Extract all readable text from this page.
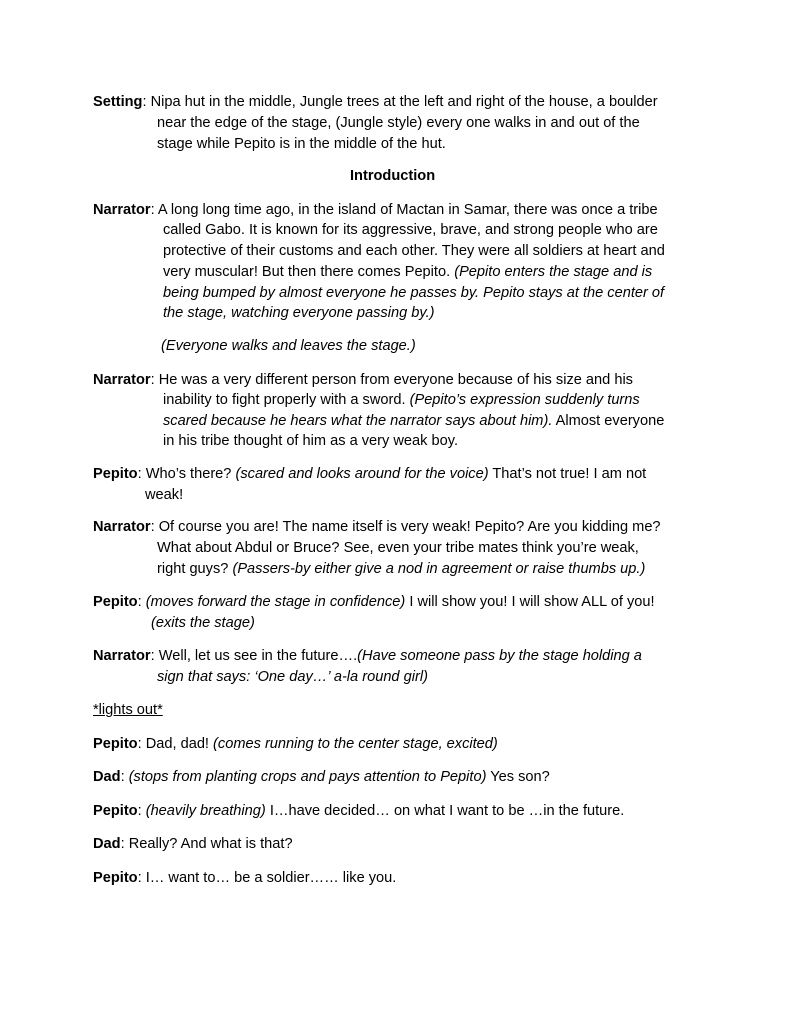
Setting: Nipa hut in the middle, Jungle trees at the left and right of the house, a boulder
near the edge of the stage, (Jungle style) every one walks in and out of the
stage while Pepito is in the middle of the hut.
Introduction
Narrator: A long long time ago, in the island of Mactan in Samar, there was once a tribe
called Gabo. It is known for its aggressive, brave, and strong people who are
protective of their customs and each other. They were all soldiers at heart and
very muscular! But then there comes Pepito. (Pepito enters the stage and is
being bumped by almost everyone he passes by. Pepito stays at the center of
the stage, watching everyone passing by.)
(Everyone walks and leaves the stage.)
Narrator: He was a very different person from everyone because of his size and his
inability to fight properly with a sword. (Pepito’s expression suddenly turns
scared because he hears what the narrator says about him). Almost everyone
in his tribe thought of him as a very weak boy.
Pepito: Who’s there? (scared and looks around for the voice) That’s not true! I am not
weak!
Narrator: Of course you are! The name itself is very weak! Pepito? Are you kidding me?
What about Abdul or Bruce? See, even your tribe mates think you’re weak,
right guys? (Passers-by either give a nod in agreement or raise thumbs up.)
Pepito: (moves forward the stage in confidence) I will show you! I will show ALL of you!
(exits the stage)
Narrator: Well, let us see in the future….(Have someone pass by the stage holding a
sign that says: ‘One day…’ a-la round girl)
*lights out*
Pepito: Dad, dad! (comes running to the center stage, excited)
Dad: (stops from planting crops and pays attention to Pepito) Yes son?
Pepito: (heavily breathing) I…have decided… on what I want to be …in the future.
Dad: Really? And what is that?
Pepito: I… want to… be a soldier…… like you.
